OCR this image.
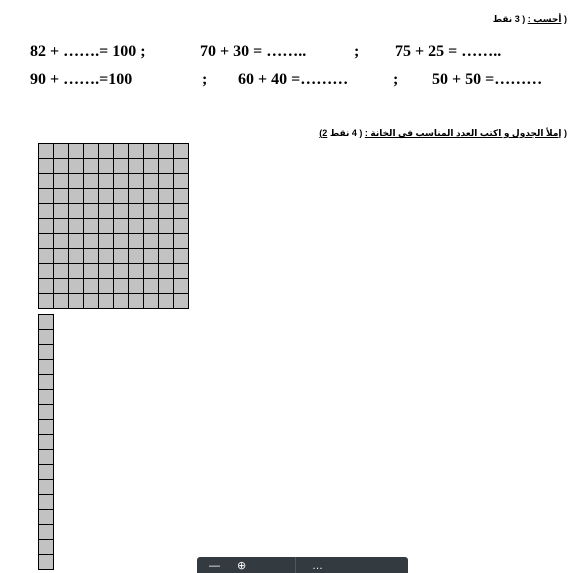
( أحسب : ( 3 نقط
82 + …….= 100 ;	70 + 30 = ……..	; 75 + 25 = ……..
90 + …….=100	; 60 + 40 =………	; 50 + 50 =………
( إملأ الجدول و اكتب العدد المناسب في الخانة : ( 4 نقط 2)
— ⊕	…
